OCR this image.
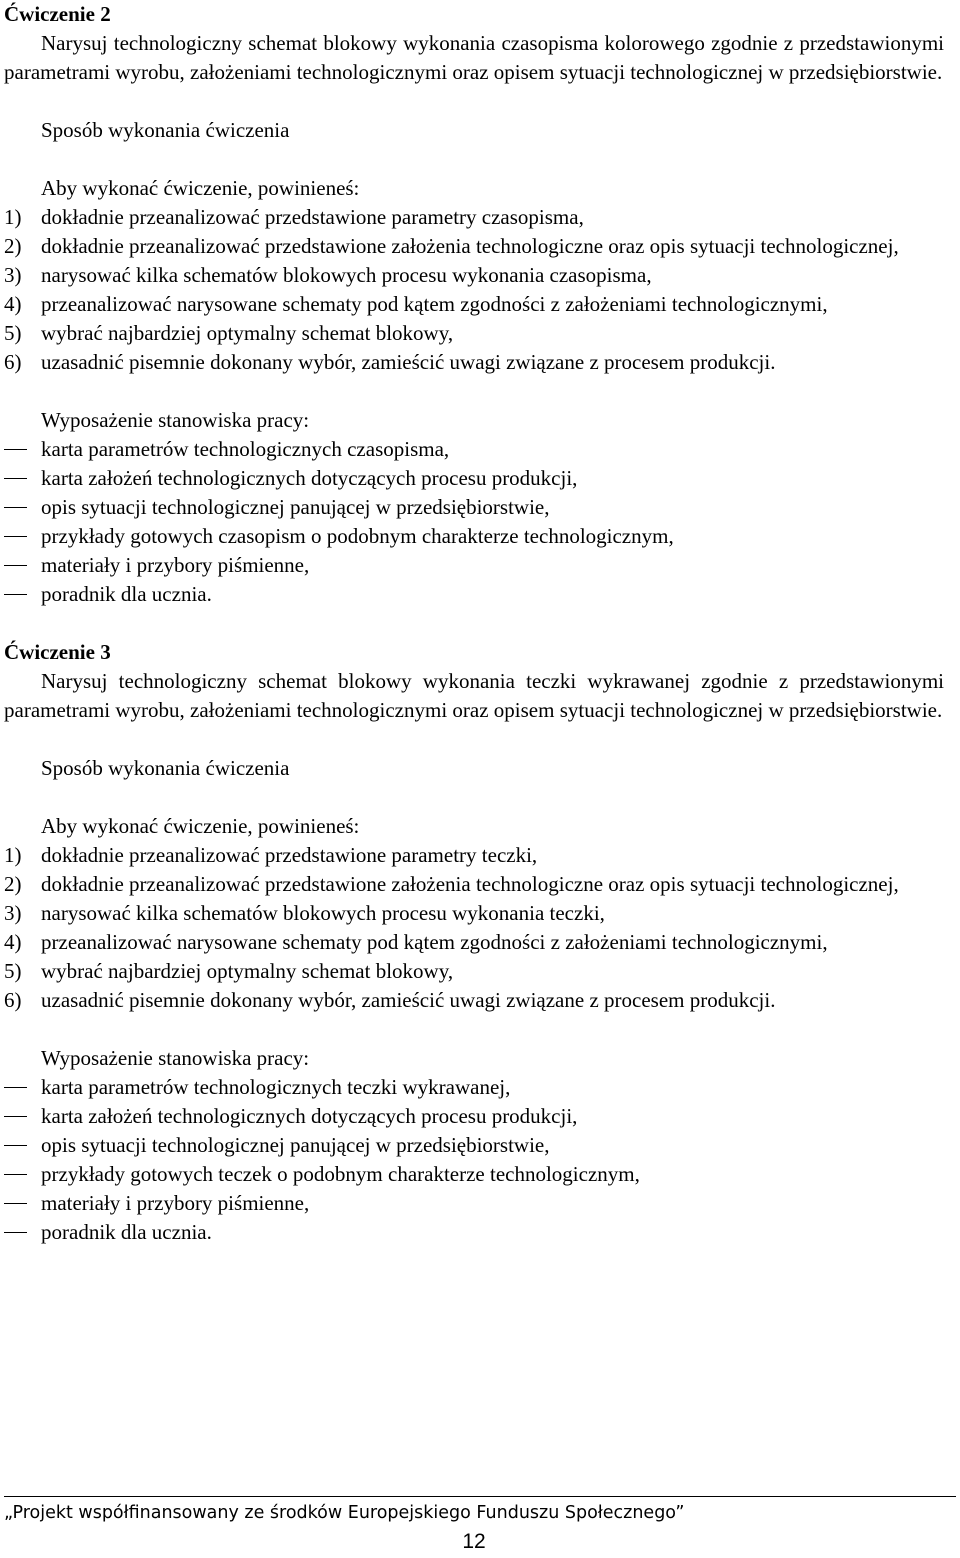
Ćwiczenie 2

Narysuj technologiczny schemat blokowy wykonania czasopisma kolorowego zgodnie z przedstawionymi parametrami wyrobu, założeniami technologicznymi oraz opisem sytuacji technologicznej w przedsiębiorstwie.

Sposób wykonania ćwiczenia

Aby wykonać ćwiczenie, powinieneś:

1) dokładnie przeanalizować przedstawione parametry czasopisma,
2) dokładnie przeanalizować przedstawione założenia technologiczne oraz opis sytuacji technologicznej,
3) narysować kilka schematów blokowych procesu wykonania czasopisma,
4) przeanalizować narysowane schematy pod kątem zgodności z założeniami technologicznymi,
5) wybrać najbardziej optymalny schemat blokowy,
6) uzasadnić pisemnie dokonany wybór, zamieścić uwagi związane z procesem produkcji.

Wyposażenie stanowiska pracy:

karta parametrów technologicznych czasopisma,
karta założeń technologicznych dotyczących procesu produkcji,
opis sytuacji technologicznej panującej w przedsiębiorstwie,
przykłady gotowych czasopism o podobnym charakterze technologicznym,
materiały i przybory piśmienne,
poradnik dla ucznia.

Ćwiczenie 3

Narysuj technologiczny schemat blokowy wykonania teczki wykrawanej zgodnie z przedstawionymi parametrami wyrobu, założeniami technologicznymi oraz opisem sytuacji technologicznej w przedsiębiorstwie.

Sposób wykonania ćwiczenia

Aby wykonać ćwiczenie, powinieneś:

1) dokładnie przeanalizować przedstawione parametry teczki,
2) dokładnie przeanalizować przedstawione założenia technologiczne oraz opis sytuacji technologicznej,
3) narysować kilka schematów blokowych procesu wykonania teczki,
4) przeanalizować narysowane schematy pod kątem zgodności z założeniami technologicznymi,
5) wybrać najbardziej optymalny schemat blokowy,
6) uzasadnić pisemnie dokonany wybór, zamieścić uwagi związane z procesem produkcji.

Wyposażenie stanowiska pracy:

karta parametrów technologicznych teczki wykrawanej,
karta założeń technologicznych dotyczących procesu produkcji,
opis sytuacji technologicznej panującej w przedsiębiorstwie,
przykłady gotowych teczek o podobnym charakterze technologicznym,
materiały i przybory piśmienne,
poradnik dla ucznia.
„Projekt współfinansowany ze środków Europejskiego Funduszu Społecznego”
12
